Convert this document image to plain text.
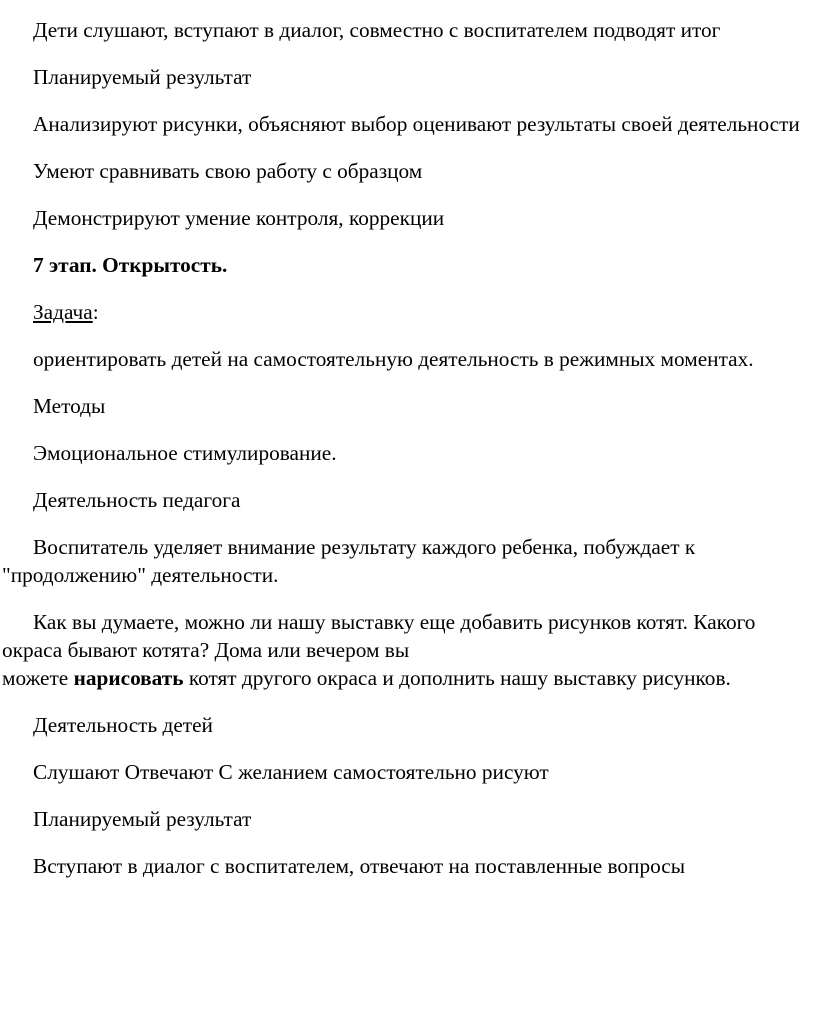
Дети слушают, вступают в диалог, совместно с воспитателем подводят итог

Планируемый результат

Анализируют рисунки, объясняют выбор оценивают результаты своей деятельности

Умеют сравнивать свою работу с образцом

Демонстрируют умение контроля, коррекции

7 этап. Открытость.

Задача:

ориентировать детей на самостоятельную деятельность в режимных моментах.

Методы

Эмоциональное стимулирование.

Деятельность педагога

Воспитатель уделяет внимание результату каждого ребенка, побуждает к "продолжению" деятельности.

Как вы думаете, можно ли нашу выставку еще добавить рисунков котят. Какого окраса бывают котята? Дома или вечером вы
можете нарисовать котят другого окраса и дополнить нашу выставку рисунков.

Деятельность детей

Слушают Отвечают С желанием самостоятельно рисуют

Планируемый результат

Вступают в диалог с воспитателем, отвечают на поставленные вопросы
